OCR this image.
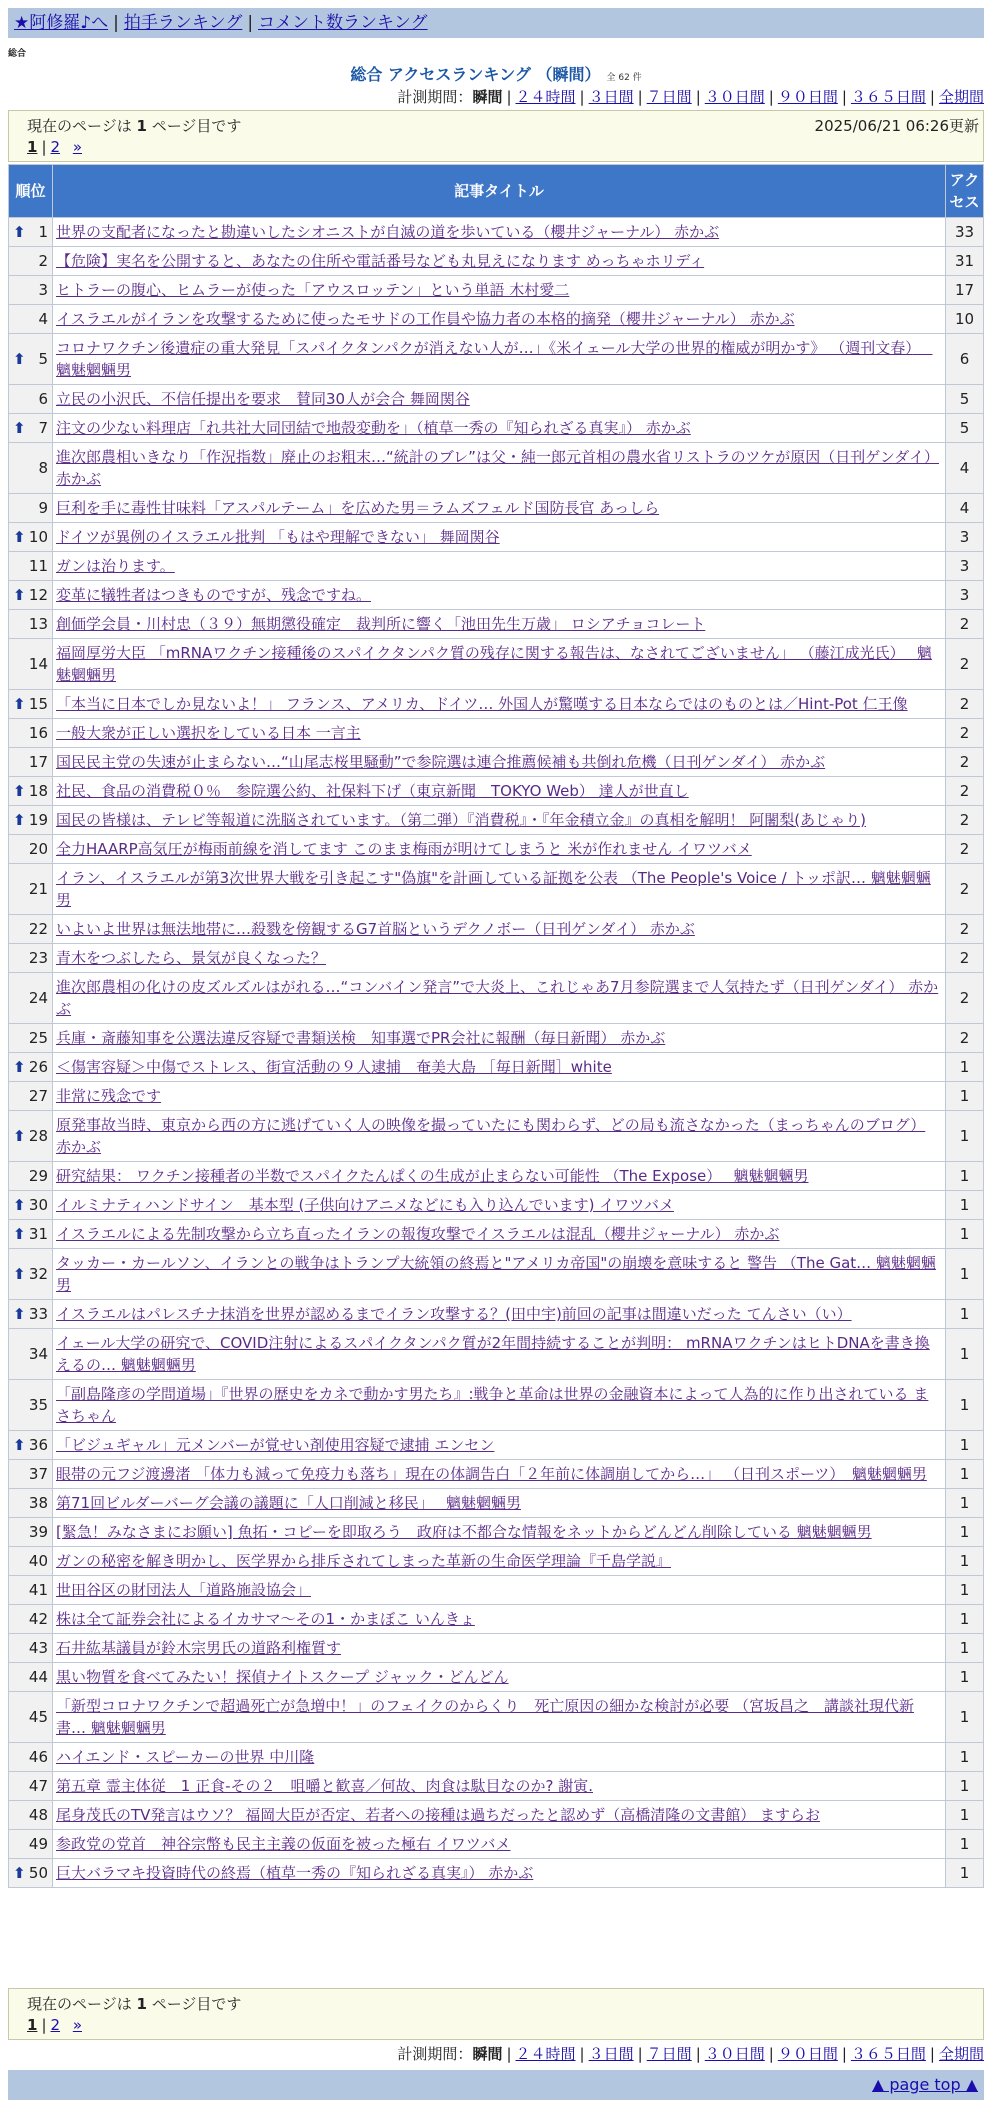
★阿修羅♪へ | 拍手ランキング | コメント数ランキング
総合
総合 アクセスランキング （瞬間） 全 62 件
計測期間：瞬間 | ２４時間 | ３日間 | ７日間 | ３０日間 | ９０日間 | ３６５日間 | 全期間
現在のページは 1 ページ目です	2025/06/21 06:26更新
1 | 2 »
順位	記事タイトル	アクセス

⬆ 1	世界の支配者になったと勘違いしたシオニストが自滅の道を歩いている（櫻井ジャーナル） 赤かぶ	33
2	【危険】実名を公開すると、あなたの住所や電話番号なども丸見えになります めっちゃホリディ	31
3	ヒトラーの腹心、ヒムラーが使った「アウスロッテン」という単語 木村愛二	17
4	イスラエルがイランを攻撃するために使ったモサドの工作員や協力者の本格的摘発（櫻井ジャーナル） 赤かぶ	10

⬆ 5	コロナワクチン後遺症の重大発見「スパイクタンパクが消えない人が…」《米イェール大学の世界的権威が明かす》 （週刊文春）　 魑魅魍魎男	6
6	立民の小沢氏、不信任提出を要求　賛同30人が会合 舞岡関谷	5

⬆ 7	注文の少ない料理店「れ共社大同団結で地殻変動を」（植草一秀の『知られざる真実』） 赤かぶ	5
8	進次郎農相いきなり「作況指数」廃止のお粗末…“統計のブレ”は父・純一郎元首相の農水省リストラのツケが原因（日刊ゲンダイ） 赤かぶ	4
9	巨利を手に毒性甘味料「アスパルテーム」を広めた男＝ラムズフェルド国防長官 あっしら	4

⬆ 10	ドイツが異例のイスラエル批判 「もはや理解できない」 舞岡関谷	3
11	ガンは治ります。	3

⬆ 12	変革に犠牲者はつきものですが、残念ですね。	3
13	創価学会員・川村忠（３９）無期懲役確定　裁判所に響く「池田先生万歳」 ロシアチョコレート	2
14	福岡厚労大臣 「mRNAワクチン接種後のスパイクタンパク質の残存に関する報告は、なされてございません」 （藤江成光氏）　 魑魅魍魎男	2

⬆ 15	「本当に日本でしか見ないよ！」 フランス、アメリカ、ドイツ… 外国人が驚嘆する日本ならではのものとは／Hint-Pot 仁王像	2
16	一般大衆が正しい選択をしている日本 一言主	2
17	国民民主党の失速が止まらない…“山尾志桜里騒動”で参院選は連合推薦候補も共倒れ危機（日刊ゲンダイ） 赤かぶ	2

⬆ 18	社民、食品の消費税０％　参院選公約、社保料下げ（東京新聞　TOKYO Web） 達人が世直し	2

⬆ 19	国民の皆様は、テレビ等報道に洗脳されています。（第二弾）『消費税』・『年金積立金』の真相を解明！ 阿闍梨(あじゃり)	2
20	全力HAARP高気圧が梅雨前線を消してます このまま梅雨が明けてしまうと 米が作れません イワツバメ	2
21	イラン、イスラエルが第3次世界大戦を引き起こす"偽旗"を計画している証拠を公表 （The People's Voice / トッポ訳… 魑魅魍魎男	2
22	いよいよ世界は無法地帯に…殺戮を傍観するG7首脳というデクノボー（日刊ゲンダイ） 赤かぶ	2
23	青木をつぶしたら、景気が良くなった？	2
24	進次郎農相の化けの皮ズルズルはがれる…“コンバイン発言”で大炎上、これじゃあ7月参院選まで人気持たず（日刊ゲンダイ） 赤かぶ	2
25	兵庫・斎藤知事を公選法違反容疑で書類送検　知事選でPR会社に報酬（毎日新聞） 赤かぶ	2

⬆ 26	＜傷害容疑＞中傷でストレス、街宣活動の９人逮捕　奄美大島 ［毎日新聞］white	1
27	非常に残念です	1

⬆ 28	原発事故当時、東京から西の方に逃げていく人の映像を撮っていたにも関わらず、どの局も流さなかった（まっちゃんのブログ） 赤かぶ	1
29	研究結果： ワクチン接種者の半数でスパイクたんぱくの生成が止まらない可能性 （The Expose）　 魑魅魍魎男	1

⬆ 30	イルミナティハンドサイン　基本型 (子供向けアニメなどにも入り込んでいます) イワツバメ	1

⬆ 31	イスラエルによる先制攻撃から立ち直ったイランの報復攻撃でイスラエルは混乱（櫻井ジャーナル） 赤かぶ	1

⬆ 32	タッカー・カールソン、イランとの戦争はトランプ大統領の終焉と"アメリカ帝国"の崩壊を意味すると 警告 （The Gat… 魑魅魍魎男	1

⬆ 33	イスラエルはパレスチナ抹消を世界が認めるまでイラン攻撃する？(田中宇)前回の記事は間違いだった てんさい（い）	1
34	イェール大学の研究で、COVID注射によるスパイクタンパク質が2年間持続することが判明： mRNAワクチンはヒトDNAを書き換えるの… 魑魅魍魎男	1
35	「副島隆彦の学問道場」『世界の歴史をカネで動かす男たち』:戦争と革命は世界の金融資本によって人為的に作り出されている まさちゃん	1

⬆ 36	「ビジュギャル」元メンバーが覚せい剤使用容疑で逮捕 エンセン	1
37	眼帯の元フジ渡邊渚 「体力も減って免疫力も落ち」現在の体調告白「２年前に体調崩してから…」 （日刊スポーツ）　魑魅魍魎男	1
38	第71回ビルダーバーグ会議の議題に「人口削減と移民」　 魑魅魍魎男	1
39	[緊急！みなさまにお願い] 魚拓・コピーを即取ろう　政府は不都合な情報をネットからどんどん削除している 魑魅魍魎男	1
40	ガンの秘密を解き明かし、医学界から排斥されてしまった革新の生命医学理論『千島学説』	1
41	世田谷区の財団法人「道路施設協会」	1
42	株は全て証券会社によるイカサマ〜その1・かまぼこ いんきょ	1
43	石井紘基議員が鈴木宗男氏の道路利権質す	1
44	黒い物質を食べてみたい！探偵ナイトスクープ ジャック・どんどん	1
45	「新型コロナワクチンで超過死亡が急増中！」のフェイクのからくり　死亡原因の細かな検討が必要 （宮坂昌之　講談社現代新書… 魑魅魍魎男	1
46	ハイエンド・スピーカーの世界 中川隆	1
47	第五章 霊主体従　1 正食-その２　咀嚼と歓喜／何故、肉食は駄目なのか? 謝寅.	1
48	尾身茂氏のTV発言はウソ？ 福岡大臣が否定、若者への接種は過ちだったと認めず（高橋清隆の文書館） ますらお	1
49	参政党の党首　神谷宗幣も民主主義の仮面を被った極右 イワツバメ	1

⬆ 50	巨大バラマキ投資時代の終焉（植草一秀の『知られざる真実』） 赤かぶ	1
現在のページは 1 ページ目です
1 | 2 »
計測期間：瞬間 | ２４時間 | ３日間 | ７日間 | ３０日間 | ９０日間 | ３６５日間 | 全期間
▲ page top ▲
